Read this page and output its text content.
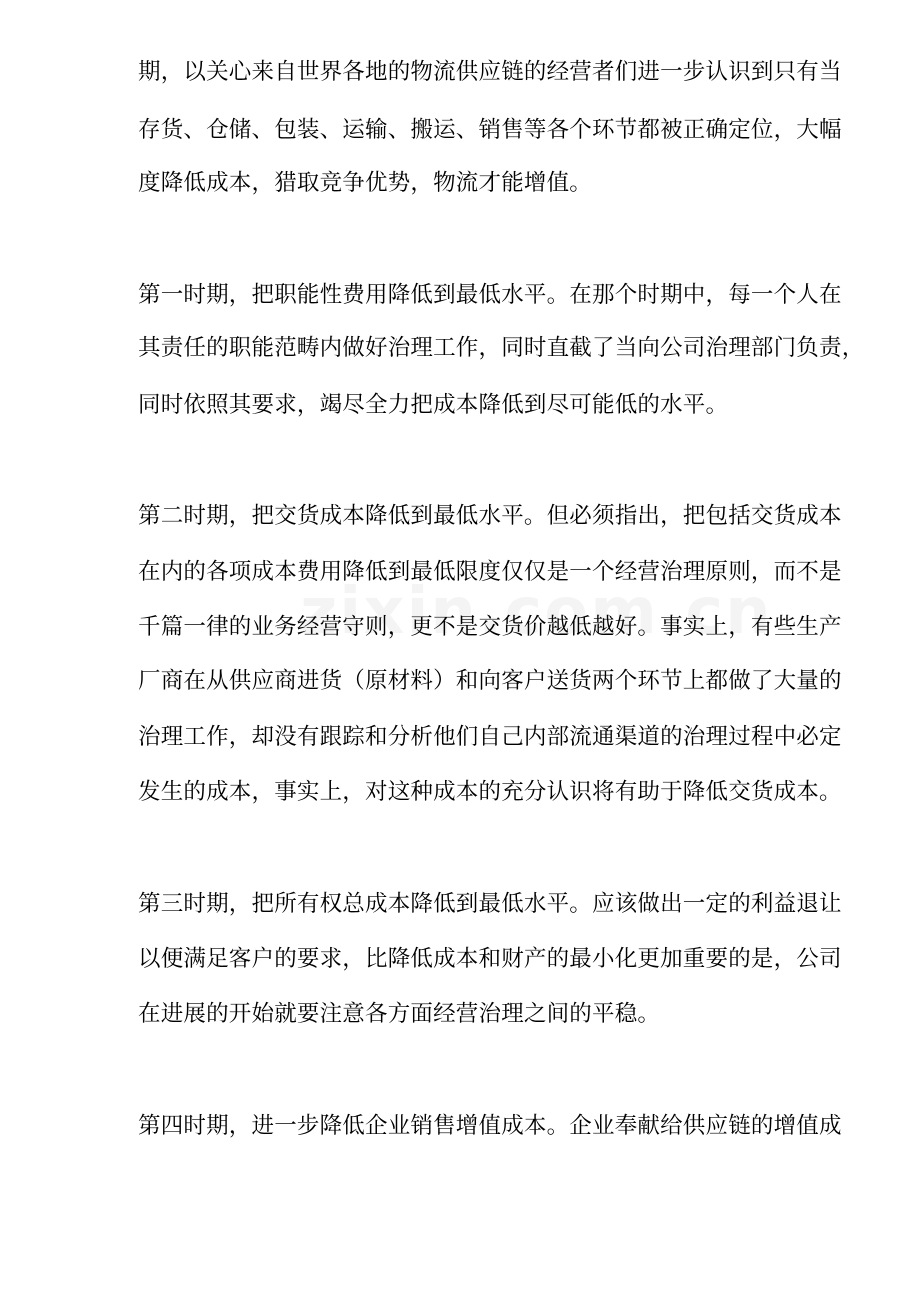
期，以关心来自世界各地的物流供应链的经营者们进一步认识到只有当
存货、仓储、包装、运输、搬运、销售等各个环节都被正确定位，大幅
度降低成本，猎取竞争优势，物流才能增值。
第一时期，把职能性费用降低到最低水平。在那个时期中，每一个人在
其责任的职能范畴内做好治理工作，同时直截了当向公司治理部门负责，
同时依照其要求，竭尽全力把成本降低到尽可能低的水平。
第二时期，把交货成本降低到最低水平。但必须指出，把包括交货成本
在内的各项成本费用降低到最低限度仅仅是一个经营治理原则，而不是
千篇一律的业务经营守则，更不是交货价越低越好。事实上，有些生产
厂商在从供应商进货（原材料）和向客户送货两个环节上都做了大量的
治理工作，却没有跟踪和分析他们自己内部流通渠道的治理过程中必定
发生的成本，事实上，对这种成本的充分认识将有助于降低交货成本。
第三时期，把所有权总成本降低到最低水平。应该做出一定的利益退让
以便满足客户的要求，比降低成本和财产的最小化更加重要的是，公司
在进展的开始就要注意各方面经营治理之间的平稳。
第四时期，进一步降低企业销售增值成本。企业奉献给供应链的增值成
